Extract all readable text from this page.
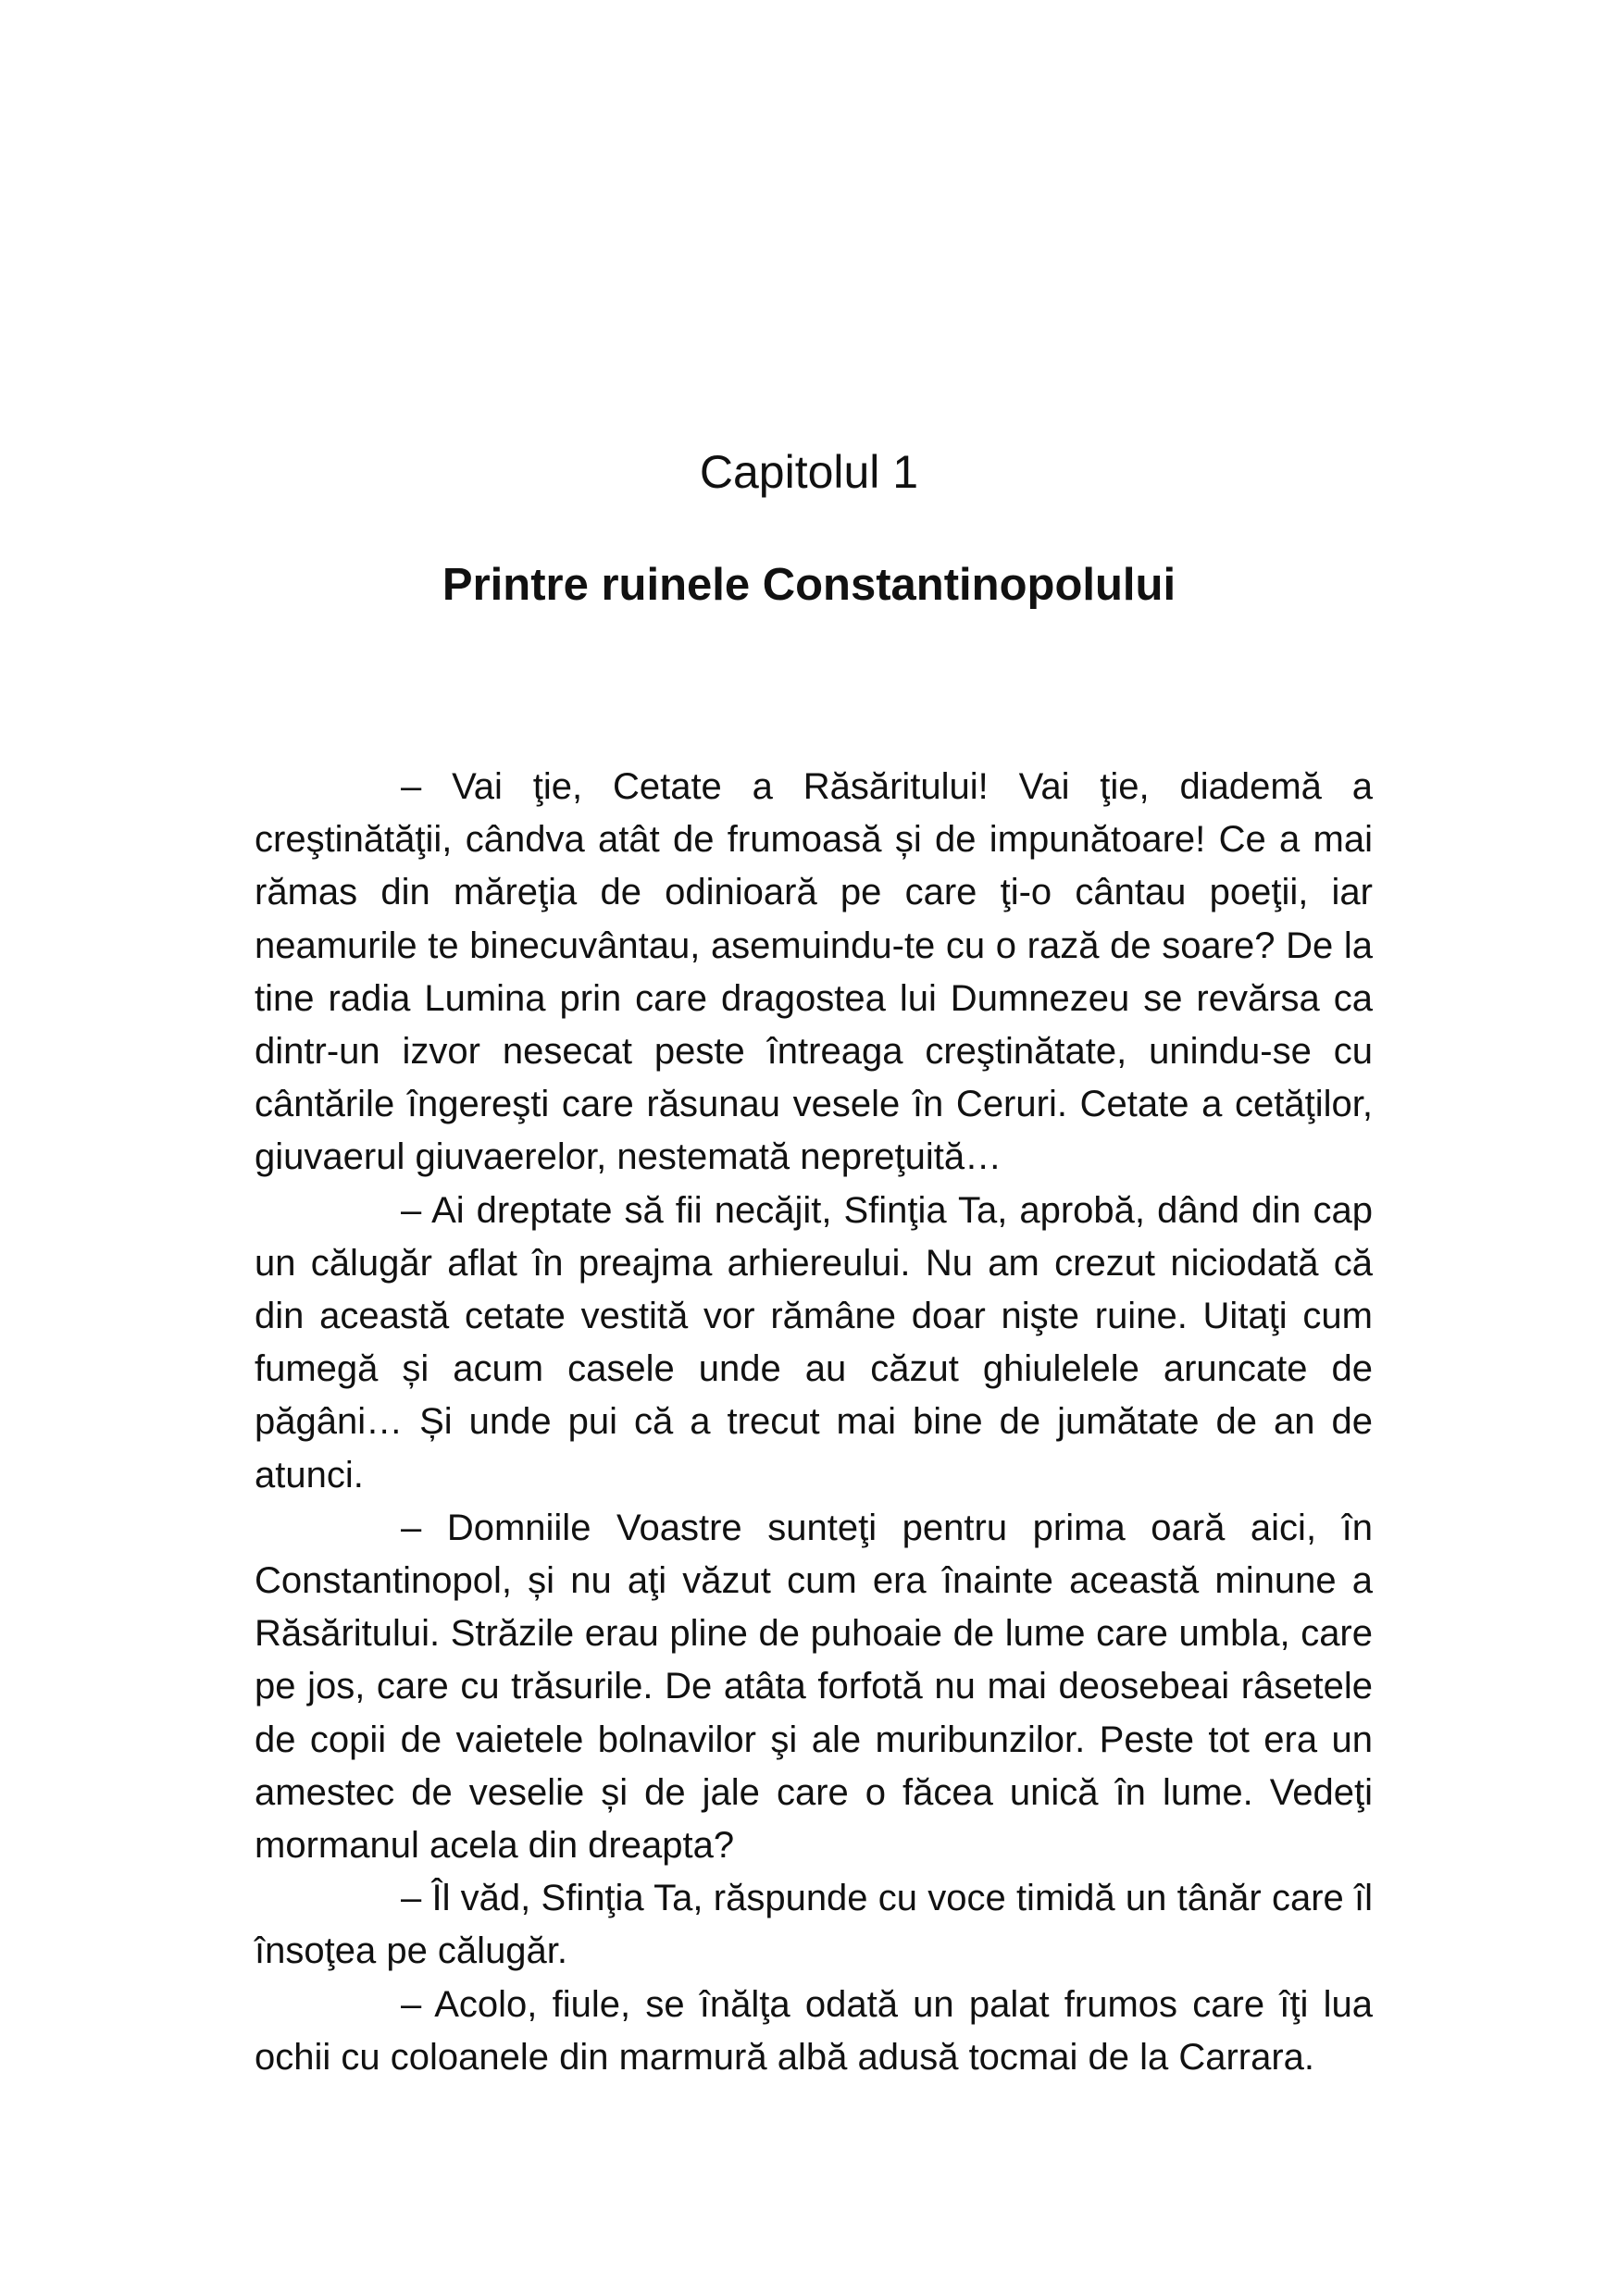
Capitolul 1
Printre ruinele Constantinopolului

– Vai ţie, Cetate a Răsăritului! Vai ţie, diademă a creştinătăţii, cândva atât de frumoasă și de impunătoare! Ce a mai rămas din măreţia de odinioară pe care ţi-o cântau poeţii, iar neamurile te binecuvântau, asemuindu-te cu o rază de soare? De la tine radia Lumina prin care dragostea lui Dumnezeu se revărsa ca dintr-un izvor nesecat peste întreaga creştinătate, unindu-se cu cântările îngereşti care răsunau vesele în Ceruri. Cetate a cetăţilor, giuvaerul giuvaerelor, nestemată nepreţuită…

– Ai dreptate să fii necăjit, Sfinţia Ta, aprobă, dând din cap un călugăr aflat în preajma arhiereului. Nu am crezut niciodată că din această cetate vestită vor rămâne doar nişte ruine. Uitaţi cum fumegă și acum casele unde au căzut ghiulelele aruncate de păgâni… Și unde pui că a trecut mai bine de jumătate de an de atunci.

– Domniile Voastre sunteţi pentru prima oară aici, în Constantinopol, și nu aţi văzut cum era înainte această minune a Răsăritului. Străzile erau pline de puhoaie de lume care umbla, care pe jos, care cu trăsurile. De atâta forfotă nu mai deosebeai râsetele de copii de vaietele bolnavilor şi ale muribunzilor. Peste tot era un amestec de veselie și de jale care o făcea unică în lume. Vedeţi mormanul acela din dreapta?

– Îl văd, Sfinţia Ta, răspunde cu voce timidă un tânăr care îl însoţea pe călugăr.

– Acolo, fiule, se înălţa odată un palat frumos care îţi lua ochii cu coloanele din marmură albă adusă tocmai de la Carrara.
